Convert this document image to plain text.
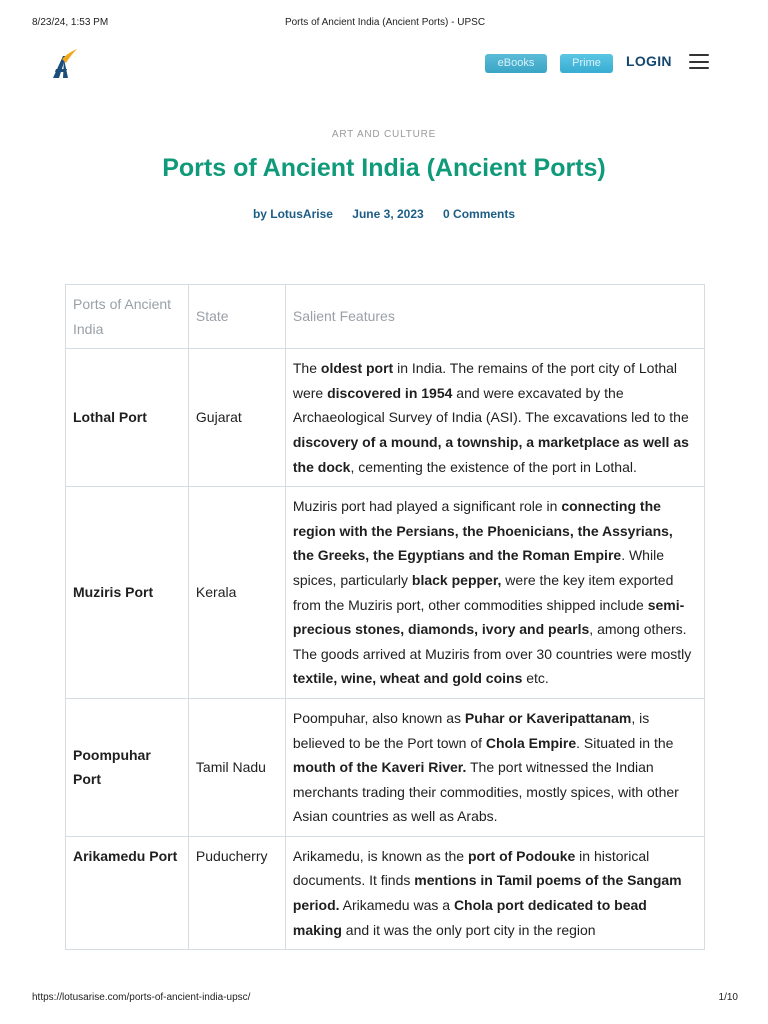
8/23/24, 1:53 PM	Ports of Ancient India (Ancient Ports) - UPSC
eBooks	Prime	LOGIN
ART AND CULTURE
Ports of Ancient India (Ancient Ports)
by LotusArise June 3, 2023 0 Comments
Ports of Ancient India	State	Salient Features
Lothal Port	Gujarat	The oldest port in India. The remains of the port city of Lothal were discovered in 1954 and were excavated by the Archaeological Survey of India (ASI). The excavations led to the discovery of a mound, a township, a marketplace as well as the dock, cementing the existence of the port in Lothal.
Muziris Port	Kerala	Muziris port had played a significant role in connecting the region with the Persians, the Phoenicians, the Assyrians, the Greeks, the Egyptians and the Roman Empire. While spices, particularly black pepper, were the key item exported from the Muziris port, other commodities shipped include semi-precious stones, diamonds, ivory and pearls, among others. The goods arrived at Muziris from over 30 countries were mostly textile, wine, wheat and gold coins etc.
Poompuhar Port	Tamil Nadu	Poompuhar, also known as Puhar or Kaveripattanam, is believed to be the Port town of Chola Empire. Situated in the mouth of the Kaveri River. The port witnessed the Indian merchants trading their commodities, mostly spices, with other Asian countries as well as Arabs.
Arikamedu Port	Puducherry	Arikamedu, is known as the port of Podouke in historical documents. It finds mentions in Tamil poems of the Sangam period. Arikamedu was a Chola port dedicated to bead making and it was the only port city in the region
https://lotusarise.com/ports-of-ancient-india-upsc/	1/10
